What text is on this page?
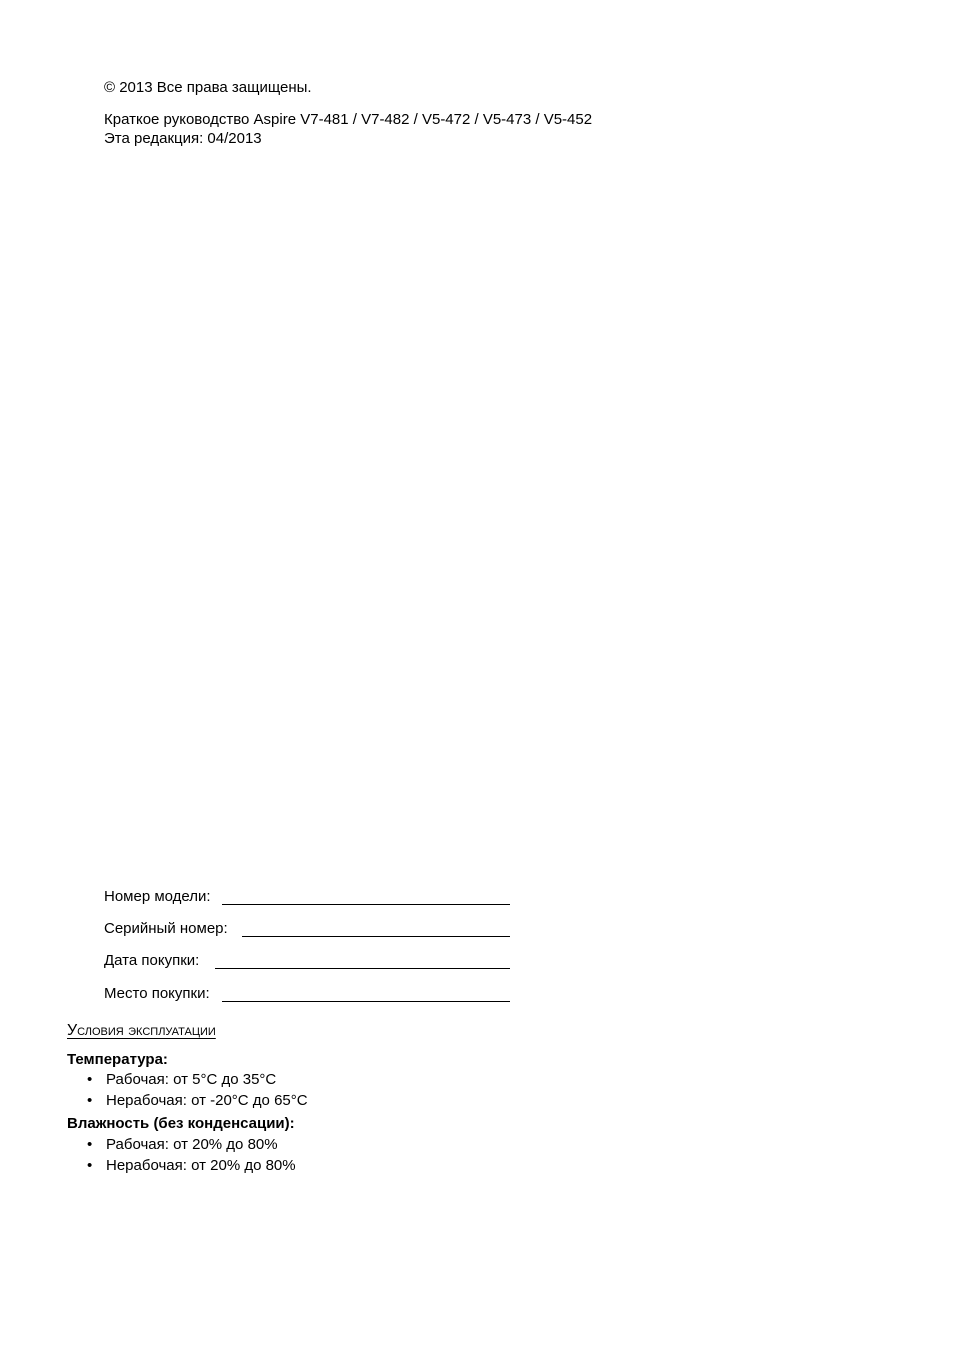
© 2013 Все права защищены.
Краткое руководство Aspire V7-481 / V7-482 / V5-472 / V5-473 / V5-452
Эта редакция: 04/2013
Номер модели:
Серийный номер:
Дата покупки:
Место покупки:
Условия эксплуатации
Температура:
• Рабочая: от 5°C до 35°C
• Нерабочая: от -20°C до 65°C
Влажность (без конденсации):
• Рабочая: от 20% до 80%
• Нерабочая: от 20% до 80%
